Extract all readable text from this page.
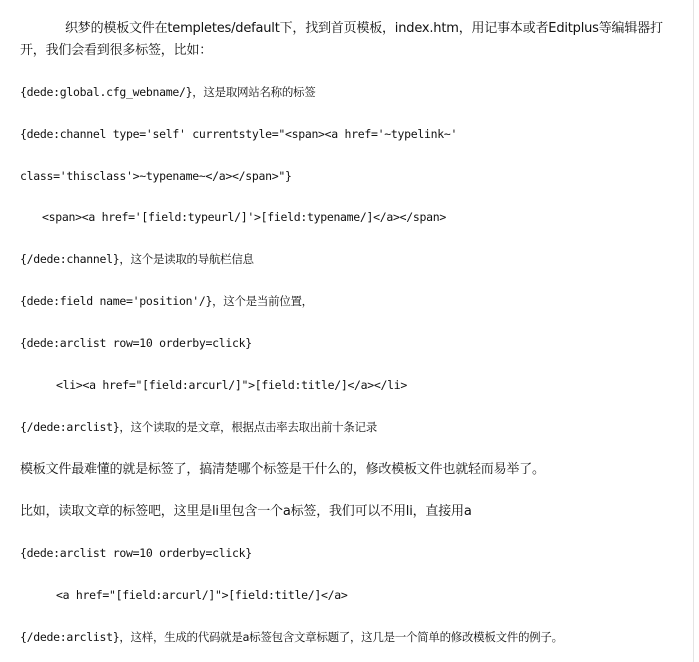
织梦的模板文件在templetes/default下，找到首页模板，index.htm，用记事本或者Editplus等编辑器打开，我们会看到很多标签，比如：
{dede:global.cfg_webname/}，这是取网站名称的标签
{dede:channel type='self' currentstyle="<span><a href='~typelink~'
class='thisclass'>~typename~</a></span>"}
<span><a href='[field:typeurl/]'>[field:typename/]</a></span>
{/dede:channel}，这个是读取的导航栏信息
{dede:field name='position'/}，这个是当前位置，
{dede:arclist row=10 orderby=click}
<li><a href="[field:arcurl/]">[field:title/]</a></li>
{/dede:arclist}，这个读取的是文章，根据点击率去取出前十条记录
模板文件最难懂的就是标签了，搞清楚哪个标签是干什么的，修改模板文件也就轻而易举了。
比如，读取文章的标签吧，这里是li里包含一个a标签，我们可以不用li，直接用a
{dede:arclist row=10 orderby=click}
<a href="[field:arcurl/]">[field:title/]</a>
{/dede:arclist}，这样，生成的代码就是a标签包含文章标题了，这几是一个简单的修改模板文件的例子。
